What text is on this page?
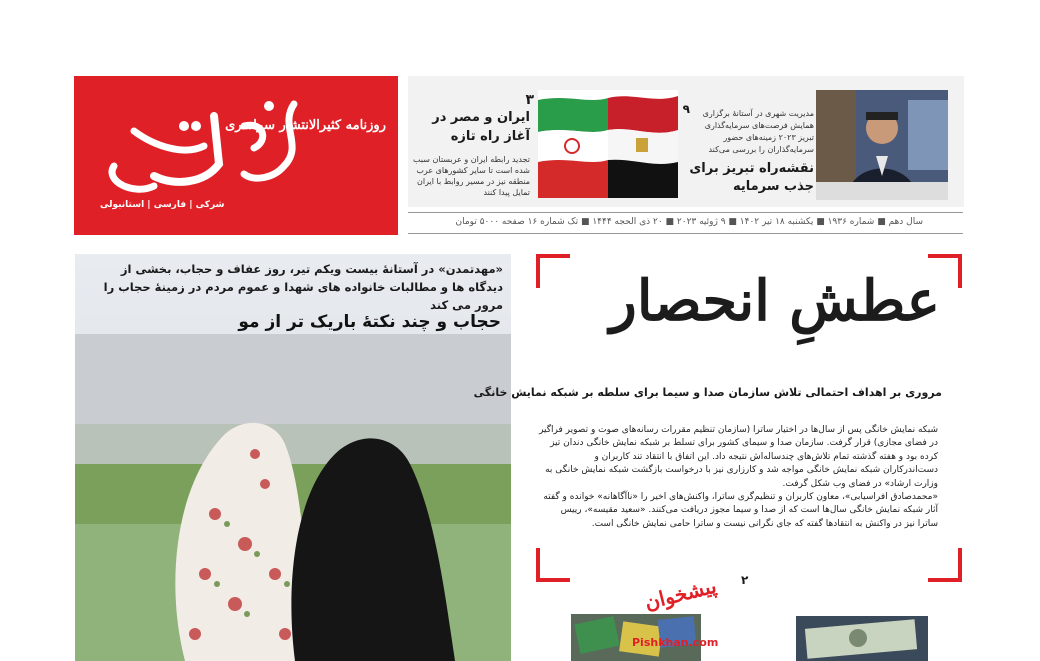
روزنامه کثیرالانتشار سراسری
شرکی | فارسی | استانبولی
۳
ایران و مصر در آغاز راه تازه
تجدید رابطه ایران و عربستان سبب شده است تا سایر کشورهای عرب منطقه نیز در مسیر روابط با ایران تمایل پیدا کنند
۹	مدیریت شهری در آستانهٔ برگزاری همایش فرصت‌های سرمایه‌گذاری تبریز ۲۰۲۳ زمینه‌های حضور سرمایه‌گذاران را بررسی می‌کند
نقشه‌راه تبریز برای جذب سرمایه
سال دهم ■ شماره ۱۹۳۶ ■ یکشنبه ۱۸ تیر ۱۴۰۲ ■ ۹ ژوئیه ۲۰۲۳ ■ ۲۰ ذی الحجه ۱۴۴۴ ■ تک شماره ۱۶ صفحه ۵۰۰۰ تومان
«مهدتمدن» در آستانهٔ بیست ویکم تیر، روز عفاف و حجاب، بخشی از دیدگاه ها و مطالبات خانواده های شهدا و عموم مردم در زمینهٔ حجاب را مرور می کند
حجاب و چند نکتهٔ باریک تر از مو	عطشِ انحصار
مروری بر اهداف احتمالی تلاش سازمان صدا و سیما برای سلطه بر شبکه نمایش خانگی

شبکه نمایش خانگی پس از سال‌ها در اختیار ساترا (سازمان تنظیم مقررات رسانه‌های صوت و تصویر فراگیر در فضای مجازی) قرار گرفت. سازمان صدا و سیمای کشور برای تسلط بر شبکه نمایش خانگی دندان تیز کرده بود و هفته گذشته تمام تلاش‌های چندساله‌اش نتیجه داد. این اتفاق با انتقاد تند کاربران و دست‌اندرکاران شبکه نمایش خانگی مواجه شد و کارزاری نیز با درخواست بازگشت شبکه نمایش خانگی به وزارت ارشاد» در فضای وب شکل گرفت.

«محمدصادق افراسیابی»، معاون کاربران و تنظیم‌گری ساترا، واکنش‌های اخیر را «ناآگاهانه» خوانده و گفته آثار شبکه نمایش خانگی سال‌ها است که از صدا و سیما مجوز دریافت می‌کنند. «سعید مقیسه»، رییس ساترا نیز در واکنش به انتقادها گفته که جای نگرانی نیست و ساترا حامی نمایش خانگی است.

۲
پیشخوان
Pishkhan.com
